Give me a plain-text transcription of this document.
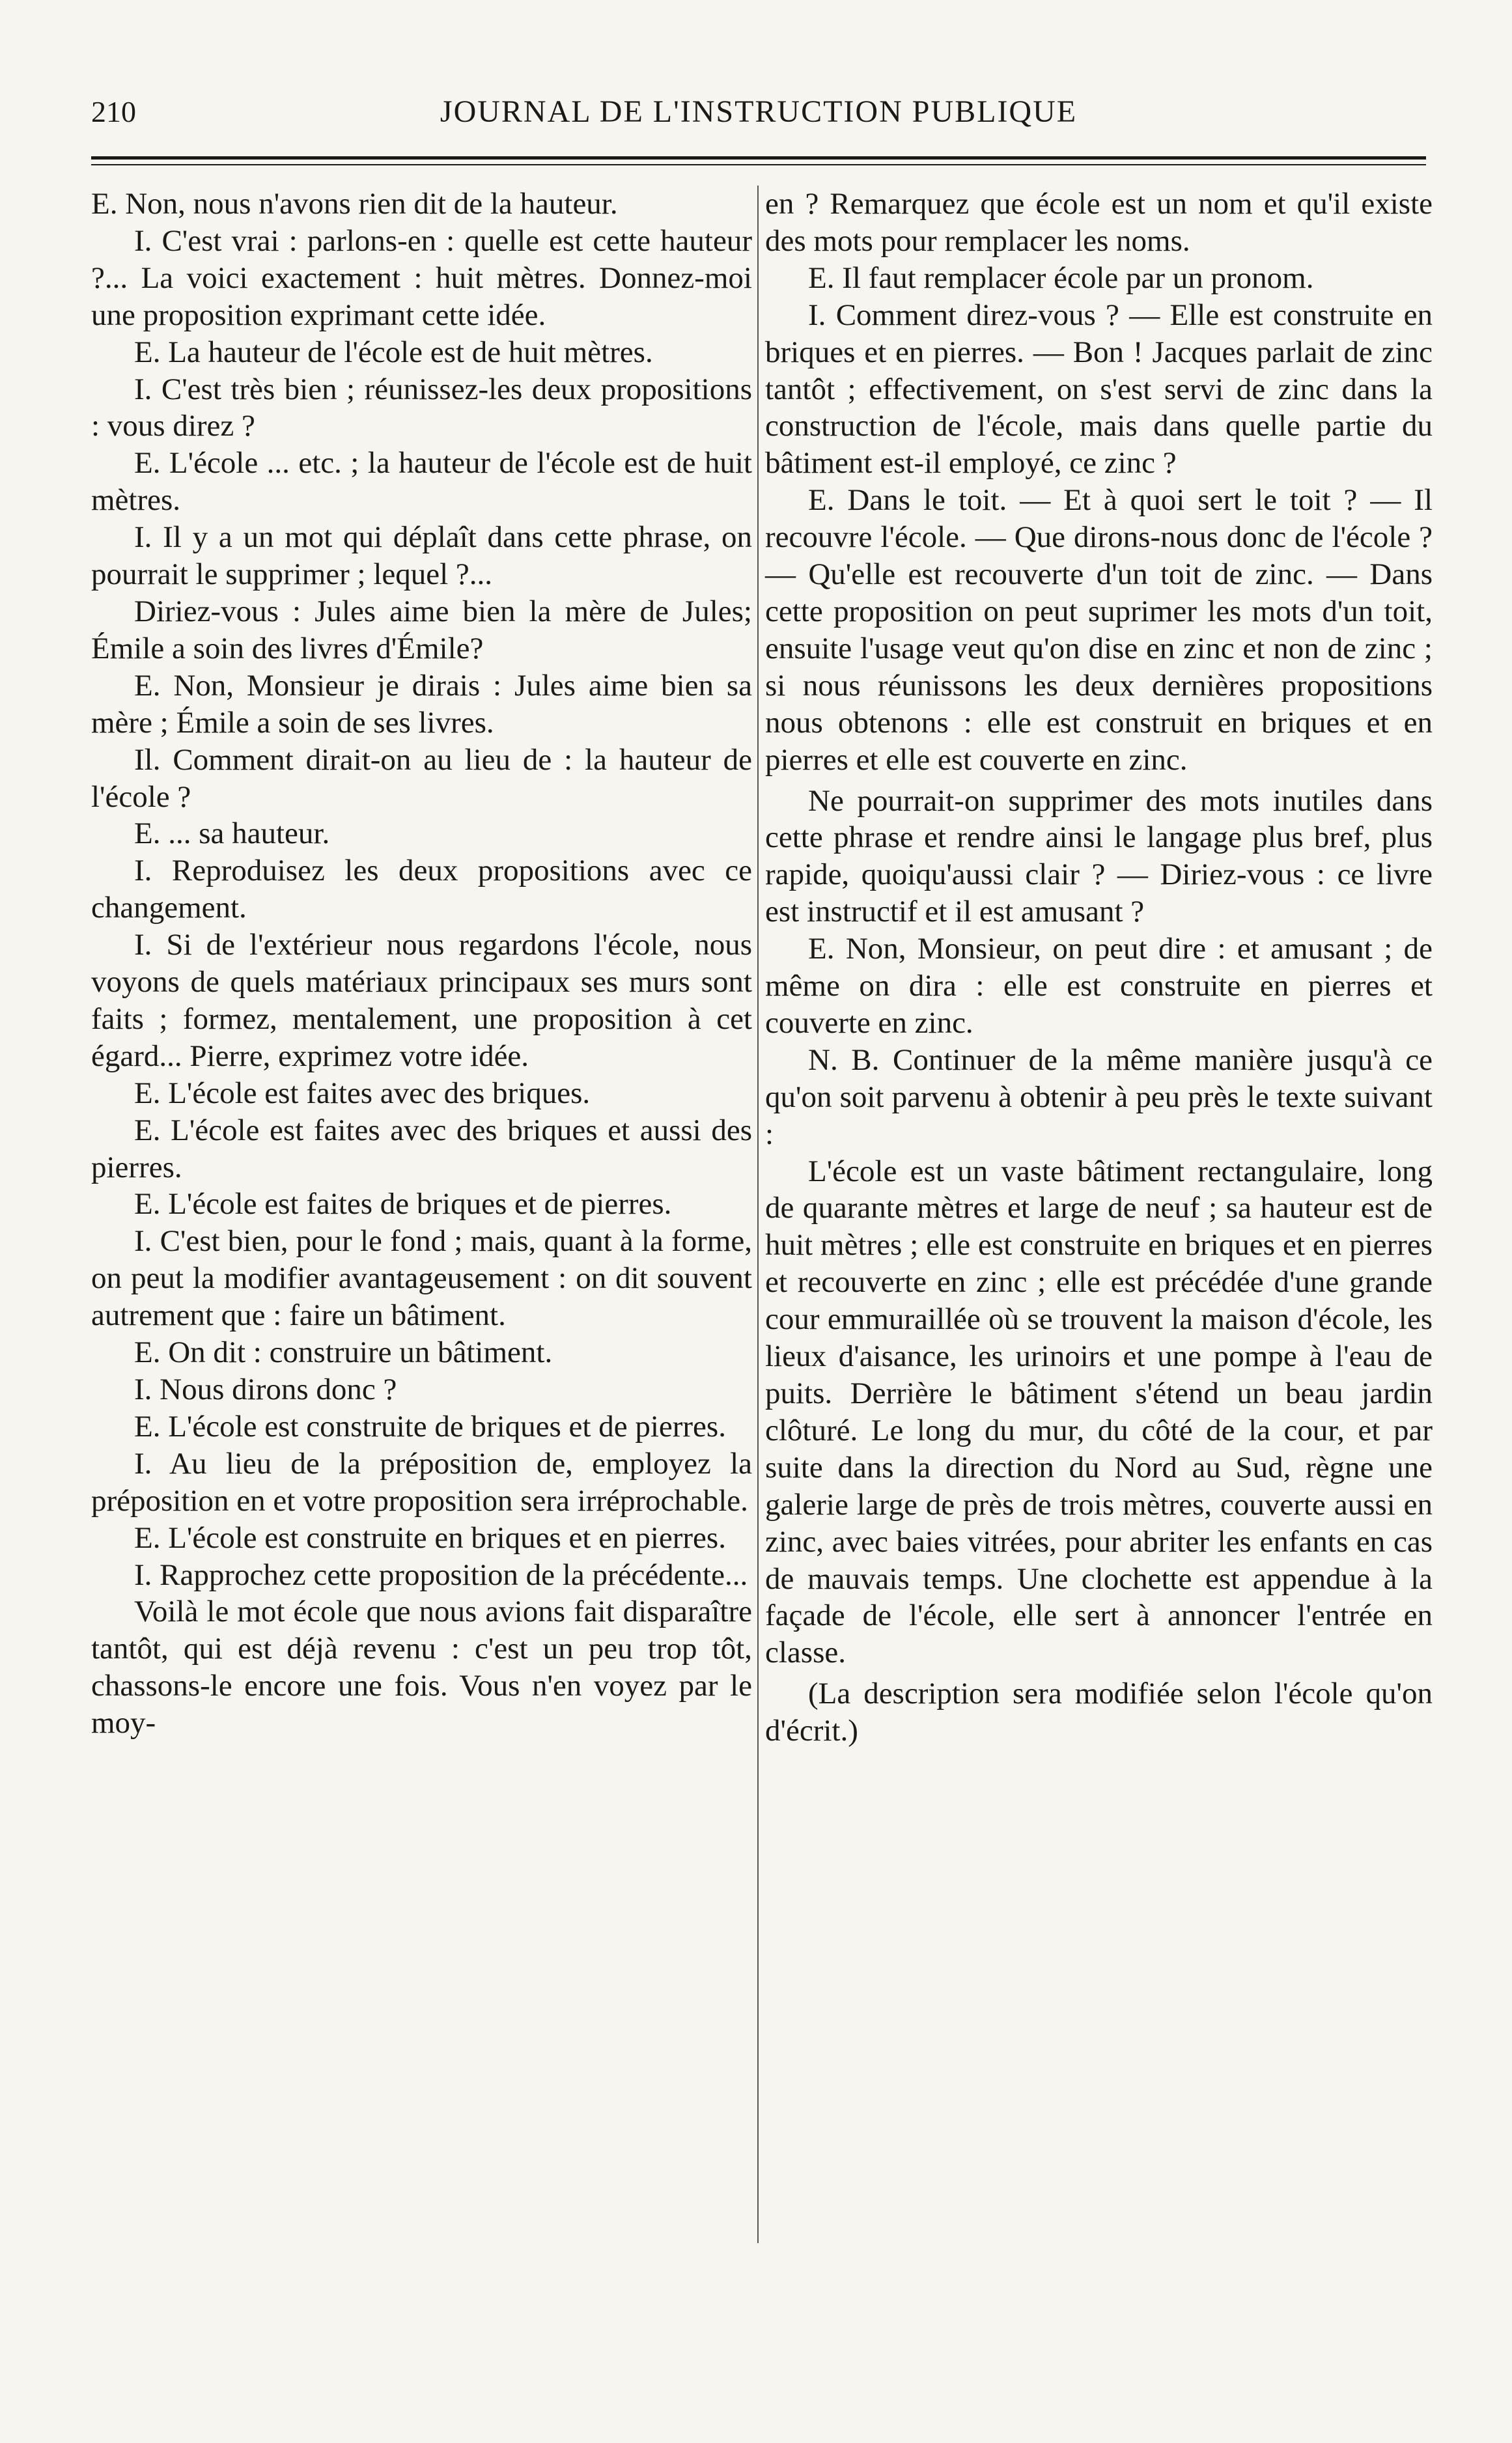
210	JOURNAL DE L'INSTRUCTION PUBLIQUE

E. Non, nous n'avons rien dit de la hauteur.

I. C'est vrai : parlons-en : quelle est cette hauteur ?... La voici exactement : huit mètres. Donnez-moi une proposition exprimant cette idée.

E. La hauteur de l'école est de huit mètres.

I. C'est très bien ; réunissez-les deux propositions : vous direz ?

E. L'école ... etc. ; la hauteur de l'école est de huit mètres.

I. Il y a un mot qui déplaît dans cette phrase, on pourrait le supprimer ; lequel ?...

Diriez-vous : Jules aime bien la mère de Jules; Émile a soin des livres d'Émile?

E. Non, Monsieur je dirais : Jules aime bien sa mère ; Émile a soin de ses livres.

Il. Comment dirait-on au lieu de : la hauteur de l'école ?

E. ... sa hauteur.

I. Reproduisez les deux propositions avec ce changement.

I. Si de l'extérieur nous regardons l'école, nous voyons de quels matériaux principaux ses murs sont faits ; formez, mentalement, une proposition à cet égard... Pierre, exprimez votre idée.

E. L'école est faites avec des briques.

E. L'école est faites avec des briques et aussi des pierres.

E. L'école est faites de briques et de pierres.

I. C'est bien, pour le fond ; mais, quant à la forme, on peut la modifier avantageusement : on dit souvent autrement que : faire un bâtiment.

E. On dit : construire un bâtiment.

I. Nous dirons donc ?

E. L'école est construite de briques et de pierres.

I. Au lieu de la préposition de, employez la préposition en et votre proposition sera irréprochable.

E. L'école est construite en briques et en pierres.

I. Rapprochez cette proposition de la précédente...

Voilà le mot école que nous avions fait disparaître tantôt, qui est déjà revenu : c'est un peu trop tôt, chassons-le encore une fois. Vous n'en voyez par le moy-

en ? Remarquez que école est un nom et qu'il existe des mots pour remplacer les noms.

E. Il faut remplacer école par un pronom.

I. Comment direz-vous ? — Elle est construite en briques et en pierres. — Bon ! Jacques parlait de zinc tantôt ; effectivement, on s'est servi de zinc dans la construction de l'école, mais dans quelle partie du bâtiment est-il employé, ce zinc ?

E. Dans le toit. — Et à quoi sert le toit ? — Il recouvre l'école. — Que dirons-nous donc de l'école ? — Qu'elle est recouverte d'un toit de zinc. — Dans cette proposition on peut suprimer les mots d'un toit, ensuite l'usage veut qu'on dise en zinc et non de zinc ; si nous réunissons les deux dernières propositions nous obtenons : elle est construit en briques et en pierres et elle est couverte en zinc.

Ne pourrait-on supprimer des mots inutiles dans cette phrase et rendre ainsi le langage plus bref, plus rapide, quoiqu'aussi clair ? — Diriez-vous : ce livre est instructif et il est amusant ?

E. Non, Monsieur, on peut dire : et amusant ; de même on dira : elle est construite en pierres et couverte en zinc.

N. B. Continuer de la même manière jusqu'à ce qu'on soit parvenu à obtenir à peu près le texte suivant :

L'école est un vaste bâtiment rectangulaire, long de quarante mètres et large de neuf ; sa hauteur est de huit mètres ; elle est construite en briques et en pierres et recouverte en zinc ; elle est précédée d'une grande cour emmuraillée où se trouvent la maison d'école, les lieux d'aisance, les urinoirs et une pompe à l'eau de puits. Derrière le bâtiment s'étend un beau jardin clôturé. Le long du mur, du côté de la cour, et par suite dans la direction du Nord au Sud, règne une galerie large de près de trois mètres, couverte aussi en zinc, avec baies vitrées, pour abriter les enfants en cas de mauvais temps. Une clochette est appendue à la façade de l'école, elle sert à annoncer l'entrée en classe.

(La description sera modifiée selon l'école qu'on d'écrit.)
